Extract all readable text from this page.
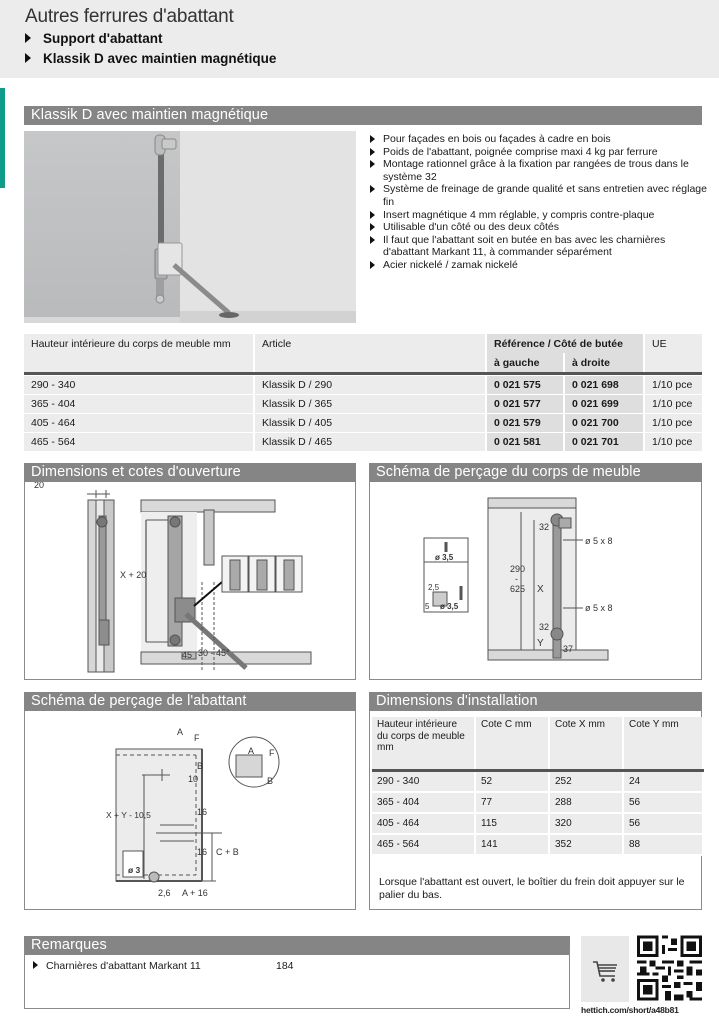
Autres ferrures d'abattant
Support d'abattant
Klassik D avec maintien magnétique
Klassik D avec maintien magnétique
Pour façades en bois ou façades à cadre en bois
Poids de l'abattant, poignée comprise maxi 4 kg par ferrure
Montage rationnel grâce à la fixation par rangées de trous dans le système 32
Système de freinage de grande qualité et sans entretien avec réglage fin
Insert magnétique 4 mm réglable, y compris contre-plaque
Utilisable d'un côté ou des deux côtés
Il faut que l'abattant soit en butée en bas avec les charnières d'abattant Markant 11, à commander séparément
Acier nickelé / zamak nickelé
Hauteur intérieure du corps de meuble mm	Article	Référence / Côté de butée		UE
		à gauche	à droite	

290 - 340	Klassik D / 290	0 021 575	0 021 698	1/10 pce
365 - 404	Klassik D / 365	0 021 577	0 021 699	1/10 pce
405 - 464	Klassik D / 405	0 021 579	0 021 700	1/10 pce
465 - 564	Klassik D / 465	0 021 581	0 021 701	1/10 pce
Dimensions et cotes d'ouverture
20
X + 20
45 30 - 45°
Schéma de perçage du corps de meuble
290
-
625 X
Y
32
32
ø 5 x 8
ø 5 x 8
37
ø 3,5
2,5
5 ø 3,5
Schéma de perçage de l'abattant
A
F
B
10
X + Y - 10,5	16
16 C + B
ø 3
2,6 A + 16
A F
B
Dimensions d'installation
Hauteur intérieure du corps de meuble mm	Cote C mm	Cote X mm	Cote Y mm
290 - 340	52	252	24
365 - 404	77	288	56
405 - 464	115	320	56
465 - 564	141	352	88
Lorsque l'abattant est ouvert, le boîtier du frein doit appuyer sur le palier du bas.
Remarques
Charnières d'abattant Markant 11	184
hettich.com/short/a48b81
